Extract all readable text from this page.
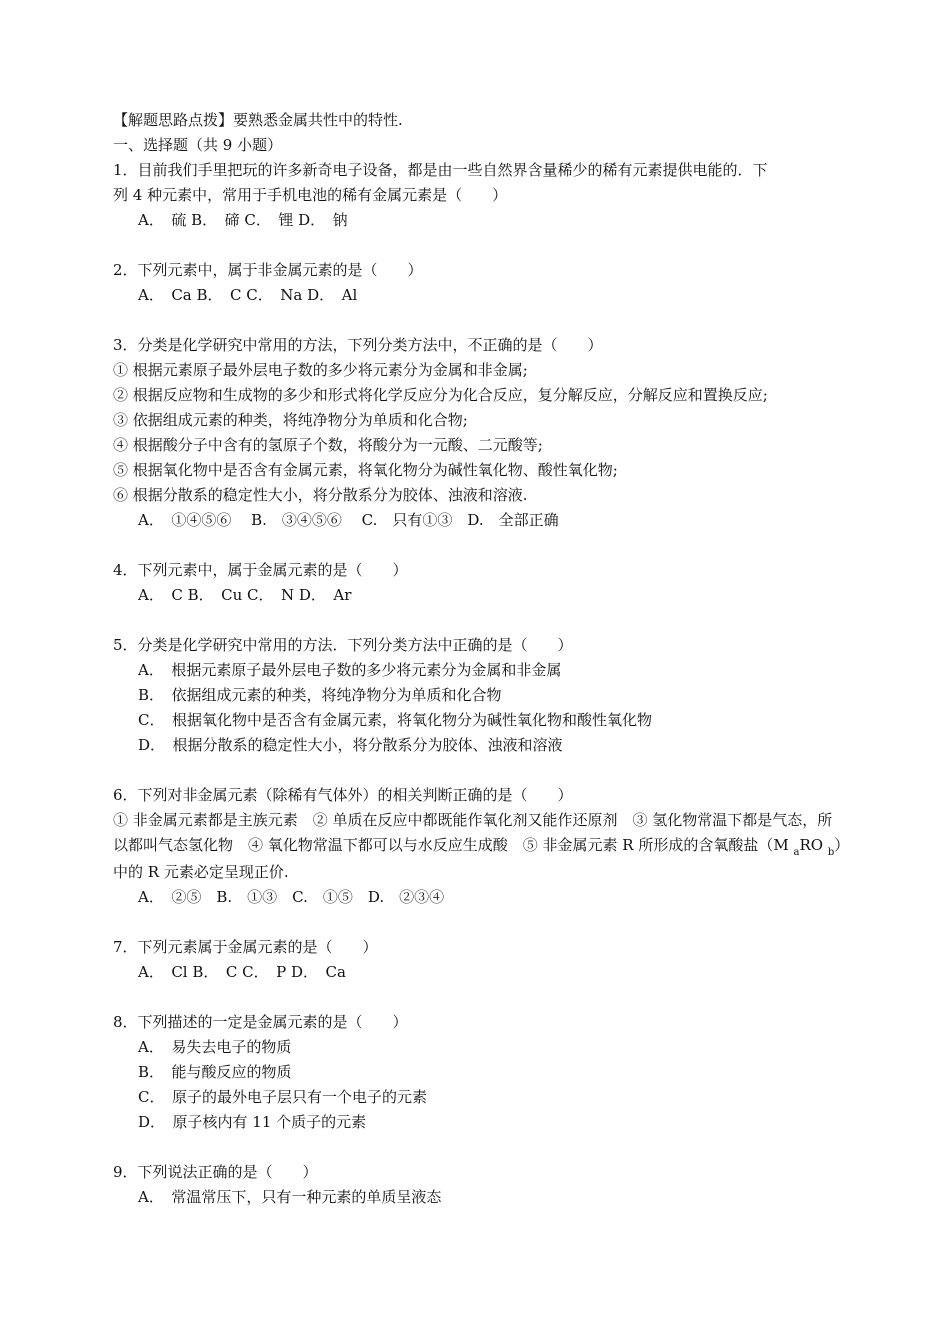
【解题思路点拨】要熟悉金属共性中的特性.
一、选择题（共 9 小题）
1．目前我们手里把玩的许多新奇电子设备，都是由一些自然界含量稀少的稀有元素提供电能的．下
列 4 种元素中，常用于手机电池的稀有金属元素是（　　）
A．　硫 B．　碲 C．　锂 D．　钠
2．下列元素中，属于非金属元素的是（　　）
A．　Ca B．　C C．　Na D．　Al
3．分类是化学研究中常用的方法，下列分类方法中，不正确的是（　　）
① 根据元素原子最外层电子数的多少将元素分为金属和非金属;
② 根据反应物和生成物的多少和形式将化学反应分为化合反应，复分解反应，分解反应和置换反应;
③ 依据组成元素的种类，将纯净物分为单质和化合物;
④ 根据酸分子中含有的氢原子个数，将酸分为一元酸、二元酸等;
⑤ 根据氧化物中是否含有金属元素，将氧化物分为碱性氧化物、酸性氧化物;
⑥ 根据分散系的稳定性大小，将分散系分为胶体、浊液和溶液.
A．　①④⑤⑥　 B.　③④⑤⑥　 C.　只有①③　D.　全部正确
4．下列元素中，属于金属元素的是（　　）
A．　C B．　Cu C．　N D．　Ar
5．分类是化学研究中常用的方法．下列分类方法中正确的是（　　）
A．　根据元素原子最外层电子数的多少将元素分为金属和非金属
B．　依据组成元素的种类，将纯净物分为单质和化合物
C．　根据氧化物中是否含有金属元素，将氧化物分为碱性氧化物和酸性氧化物
D．　根据分散系的稳定性大小，将分散系分为胶体、浊液和溶液
6．下列对非金属元素（除稀有气体外）的相关判断正确的是（　　）
① 非金属元素都是主族元素　② 单质在反应中都既能作氧化剂又能作还原剂　③ 氢化物常温下都是气态，所以都叫气态氢化物　④ 氧化物常温下都可以与水反应生成酸　⑤ 非金属元素 R 所形成的含氧酸盐（M $_a$RO $_b$）中的 R 元素必定呈现正价.
A．　②⑤　B.　①③　C.　①⑤　D.　②③④
7．下列元素属于金属元素的是（　　）
A．　Cl B．　C C．　P D．　Ca
8．下列描述的一定是金属元素的是（　　）
A．　易失去电子的物质
B．　能与酸反应的物质
C．　原子的最外电子层只有一个电子的元素
D．　原子核内有 11 个质子的元素
9．下列说法正确的是（　　）
A．　常温常压下，只有一种元素的单质呈液态
